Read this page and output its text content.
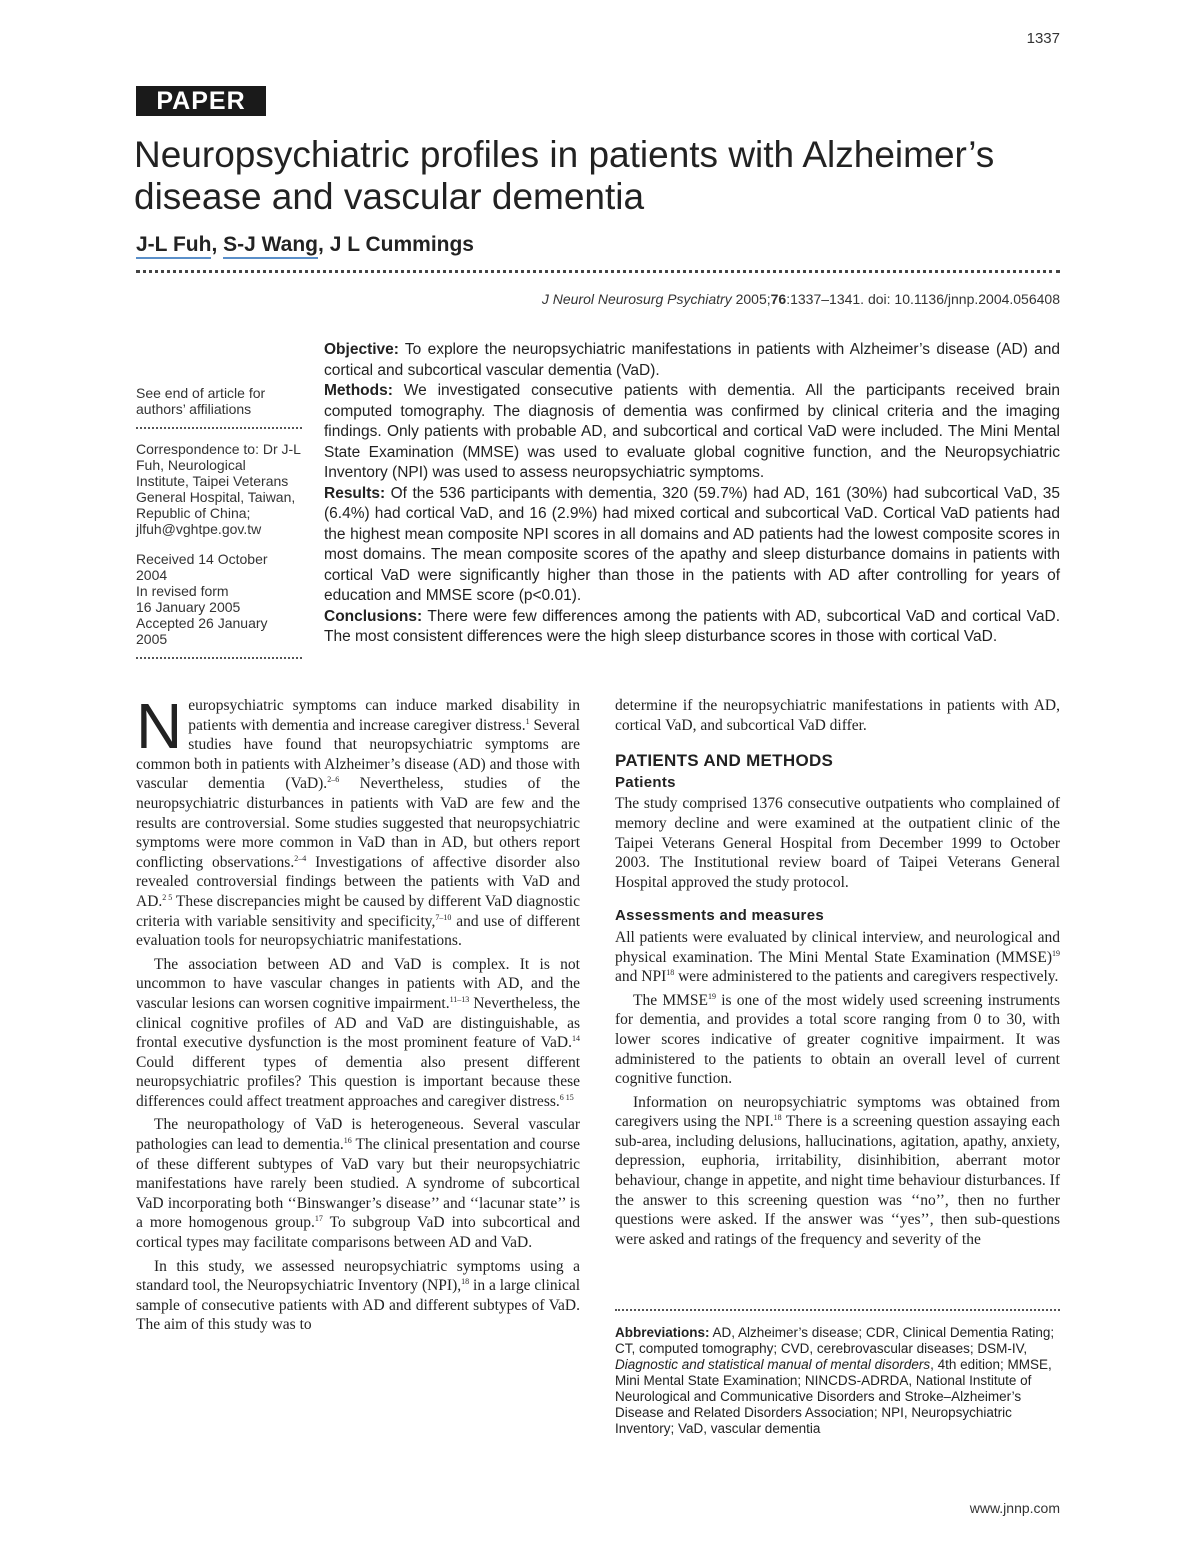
1337
PAPER
Neuropsychiatric profiles in patients with Alzheimer’s disease and vascular dementia
J-L Fuh, S-J Wang, J L Cummings
J Neurol Neurosurg Psychiatry 2005;76:1337–1341. doi: 10.1136/jnnp.2004.056408

See end of article for authors’ affiliations

Correspondence to: Dr J-L Fuh, Neurological Institute, Taipei Veterans General Hospital, Taiwan, Republic of China; jlfuh@vghtpe.gov.tw

Received 14 October 2004

In revised form

16 January 2005

Accepted 26 January 2005

Objective: To explore the neuropsychiatric manifestations in patients with Alzheimer’s disease (AD) and cortical and subcortical vascular dementia (VaD).

Methods: We investigated consecutive patients with dementia. All the participants received brain computed tomography. The diagnosis of dementia was confirmed by clinical criteria and the imaging findings. Only patients with probable AD, and subcortical and cortical VaD were included. The Mini Mental State Examination (MMSE) was used to evaluate global cognitive function, and the Neuropsychiatric Inventory (NPI) was used to assess neuropsychiatric symptoms.

Results: Of the 536 participants with dementia, 320 (59.7%) had AD, 161 (30%) had subcortical VaD, 35 (6.4%) had cortical VaD, and 16 (2.9%) had mixed cortical and subcortical VaD. Cortical VaD patients had the highest mean composite NPI scores in all domains and AD patients had the lowest composite scores in most domains. The mean composite scores of the apathy and sleep disturbance domains in patients with cortical VaD were significantly higher than those in the patients with AD after controlling for years of education and MMSE score (p<0.01).

Conclusions: There were few differences among the patients with AD, subcortical VaD and cortical VaD. The most consistent differences were the high sleep disturbance scores in those with cortical VaD.

Neuropsychiatric symptoms can induce marked disability in patients with dementia and increase caregiver distress.$^1$ Several studies have found that neuropsychiatric symptoms are common both in patients with Alzheimer’s disease (AD) and those with vascular dementia (VaD).$^{2-6}$ Nevertheless, studies of the neuropsychiatric disturbances in patients with VaD are few and the results are controversial. Some studies suggested that neuropsychiatric symptoms were more common in VaD than in AD, but others report conflicting observations.$^{2-4}$ Investigations of affective disorder also revealed controversial findings between the patients with VaD and AD.$^{2 5}$ These discrepancies might be caused by different VaD diagnostic criteria with variable sensitivity and specificity,$^{7-10}$ and use of different evaluation tools for neuropsychiatric manifestations.

The association between AD and VaD is complex. It is not uncommon to have vascular changes in patients with AD, and the vascular lesions can worsen cognitive impairment.$^{11-13}$ Nevertheless, the clinical cognitive profiles of AD and VaD are distinguishable, as frontal executive dysfunction is the most prominent feature of VaD.$^{14}$ Could different types of dementia also present different neuropsychiatric profiles? This question is important because these differences could affect treatment approaches and caregiver distress.$^{6 15}$

The neuropathology of VaD is heterogeneous. Several vascular pathologies can lead to dementia.$^{16}$ The clinical presentation and course of these different subtypes of VaD vary but their neuropsychiatric manifestations have rarely been studied. A syndrome of subcortical VaD incorporating both ‘‘Binswanger’s disease’’ and ‘‘lacunar state’’ is a more homogenous group.$^{17}$ To subgroup VaD into subcortical and cortical types may facilitate comparisons between AD and VaD.

In this study, we assessed neuropsychiatric symptoms using a standard tool, the Neuropsychiatric Inventory (NPI),$^{18}$ in a large clinical sample of consecutive patients with AD and different subtypes of VaD. The aim of this study was to

determine if the neuropsychiatric manifestations in patients with AD, cortical VaD, and subcortical VaD differ.

PATIENTS AND METHODS
Patients

The study comprised 1376 consecutive outpatients who complained of memory decline and were examined at the outpatient clinic of the Taipei Veterans General Hospital from December 1999 to October 2003. The Institutional review board of Taipei Veterans General Hospital approved the study protocol.

Assessments and measures

All patients were evaluated by clinical interview, and neurological and physical examination. The Mini Mental State Examination (MMSE)$^{19}$ and NPI$^{18}$ were administered to the patients and caregivers respectively.

The MMSE$^{19}$ is one of the most widely used screening instruments for dementia, and provides a total score ranging from 0 to 30, with lower scores indicative of greater cognitive impairment. It was administered to the patients to obtain an overall level of current cognitive function.

Information on neuropsychiatric symptoms was obtained from caregivers using the NPI.$^{18}$ There is a screening question assaying each sub-area, including delusions, hallucinations, agitation, apathy, anxiety, depression, euphoria, irritability, disinhibition, aberrant motor behaviour, change in appetite, and night time behaviour disturbances. If the answer to this screening question was ‘‘no’’, then no further questions were asked. If the answer was ‘‘yes’’, then sub-questions were asked and ratings of the frequency and severity of the

Abbreviations: AD, Alzheimer’s disease; CDR, Clinical Dementia Rating; CT, computed tomography; CVD, cerebrovascular diseases; DSM-IV, Diagnostic and statistical manual of mental disorders, 4th edition; MMSE, Mini Mental State Examination; NINCDS-ADRDA, National Institute of Neurological and Communicative Disorders and Stroke–Alzheimer’s Disease and Related Disorders Association; NPI, Neuropsychiatric Inventory; VaD, vascular dementia
www.jnnp.com
